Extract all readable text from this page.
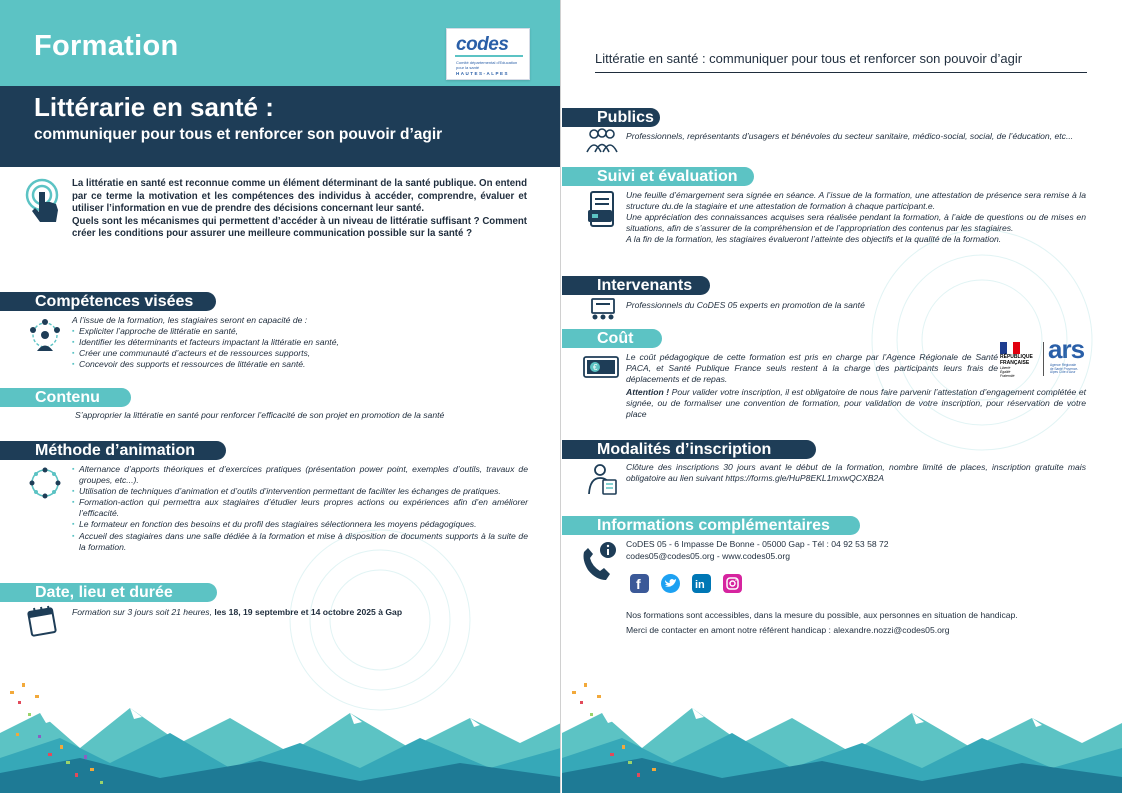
Formation	codes
Comité départemental d'Education pour la santé
HAUTES-ALPES
Littérarie en santé :
communiquer pour tous et renforcer son pouvoir d’agir

La littératie en santé est reconnue comme un élément déterminant de la santé publique. On entend par ce terme la motivation et les compétences des individus à accéder, comprendre, évaluer et utiliser l’information en vue de prendre des décisions concernant leur santé.

Quels sont les mécanismes qui permettent d’accéder à un niveau de littératie suffisant ? Comment créer les conditions pour assurer une meilleure communication possible sur la santé ?

Compétences visées
A l’issue de la formation, les stagiaires seront en capacité de :
▪ Expliciter l’approche de littératie en santé,
▪ Identifier les déterminants et facteurs impactant la littératie en santé,
▪ Créer une communauté d’acteurs et de ressources supports,
▪ Concevoir des supports et ressources de littératie en santé.
Contenu
S’approprier la littératie en santé pour renforcer l’efficacité de son projet en promotion de la santé
Méthode d’animation
▪ Alternance d’apports théoriques et d’exercices pratiques (présentation power point, exemples d’outils, travaux de groupes, etc...).
▪ Utilisation de techniques d’animation et d’outils d’intervention permettant de faciliter les échanges de pratiques.
▪ Formation-action qui permettra aux stagiaires d’étudier leurs propres actions ou expériences afin d’en améliorer l’efficacité.
▪ Le formateur en fonction des besoins et du profil des stagiaires sélectionnera les moyens pédagogiques.
▪ Accueil des stagiaires dans une salle dédiée à la formation et mise à disposition de documents supports à la suite de la formation.
Date, lieu et durée
Formation sur 3 jours soit 21 heures, les 18, 19 septembre et 14 octobre 2025 à Gap
Littératie en santé : communiquer pour tous et renforcer son pouvoir d’agir
Publics
Professionnels, représentants d’usagers et bénévoles du secteur sanitaire, médico-social, social, de l’éducation, etc...
Suivi et évaluation
Une feuille d’émargement sera signée en séance. A l’issue de la formation, une attestation de présence sera remise à la structure du.de la stagiaire et une attestation de formation à chaque participant.e.
Une appréciation des connaissances acquises sera réalisée pendant la formation, à l’aide de questions ou de mises en situations, afin de s’assurer de la compréhension et de l’appropriation des contenus par les stagiaires.
A la fin de la formation, les stagiaires évalueront l’atteinte des objectifs et la qualité de la formation.
Intervenants
Professionnels du CoDES 05 experts en promotion de la santé
Coût
€
Le coût pédagogique de cette formation est pris en charge par l’Agence Régionale de Santé PACA, et Santé Publique France seuls restent à la charge des participants leurs frais de déplacements et de repas.
Attention ! Pour valider votre inscription, il est obligatoire de nous faire parvenir l’attestation d’engagement complétée et signée, ou de formaliser une convention de formation, pour validation de votre inscription, pour réservation de votre place
RÉPUBLIQUE
FRANÇAISE
Liberté
Égalité
Fraternité
ars
Agence Régionale de Santé Provence-Alpes Côte d'Azur
Modalités d’inscription
Clôture des inscriptions 30 jours avant le début de la formation, nombre limité de places, inscription gratuite mais obligatoire au lien suivant https://forms.gle/HuP8EKL1mxwQCXB2A
Informations complémentaires
CoDES 05 - 6 Impasse De Bonne - 05000 Gap - Tél : 04 92 53 58 72
codes05@codes05.org - www.codes05.org
f	in
Nos formations sont accessibles, dans la mesure du possible, aux personnes en situation de handicap.
Merci de contacter en amont notre référent handicap : alexandre.nozzi@codes05.org
